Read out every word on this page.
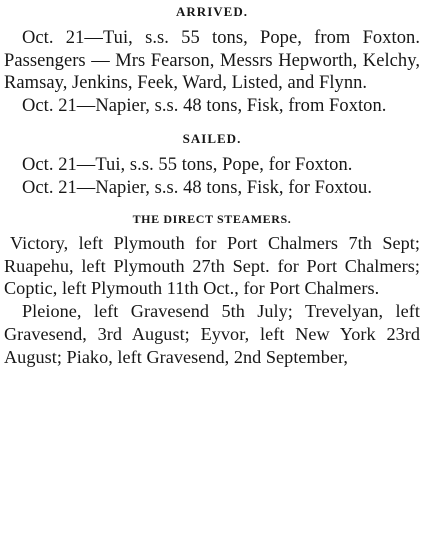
ARRIVED.

Oct. 21—Tui, s.s. 55 tons, Pope, from Foxton. Passengers — Mrs Fearson, Messrs Hepworth, Kelchy, Ramsay, Jenkins, Feek, Ward, Listed, and Flynn.

Oct. 21—Napier, s.s. 48 tons, Fisk, from Foxton.

SAILED.

Oct. 21—Tui, s.s. 55 tons, Pope, for Foxton.

Oct. 21—Napier, s.s. 48 tons, Fisk, for Foxtou.

THE DIRECT STEAMERS.

Victory, left Plymouth for Port Chalmers 7th Sept; Ruapehu, left Plymouth 27th Sept. for Port Chalmers; Coptic, left Plymouth 11th Oct., for Port Chalmers.

Pleione, left Gravesend 5th July; Trevelyan, left Gravesend, 3rd August; Eyvor, left New York 23rd August; Piako, left Gravesend, 2nd September,
